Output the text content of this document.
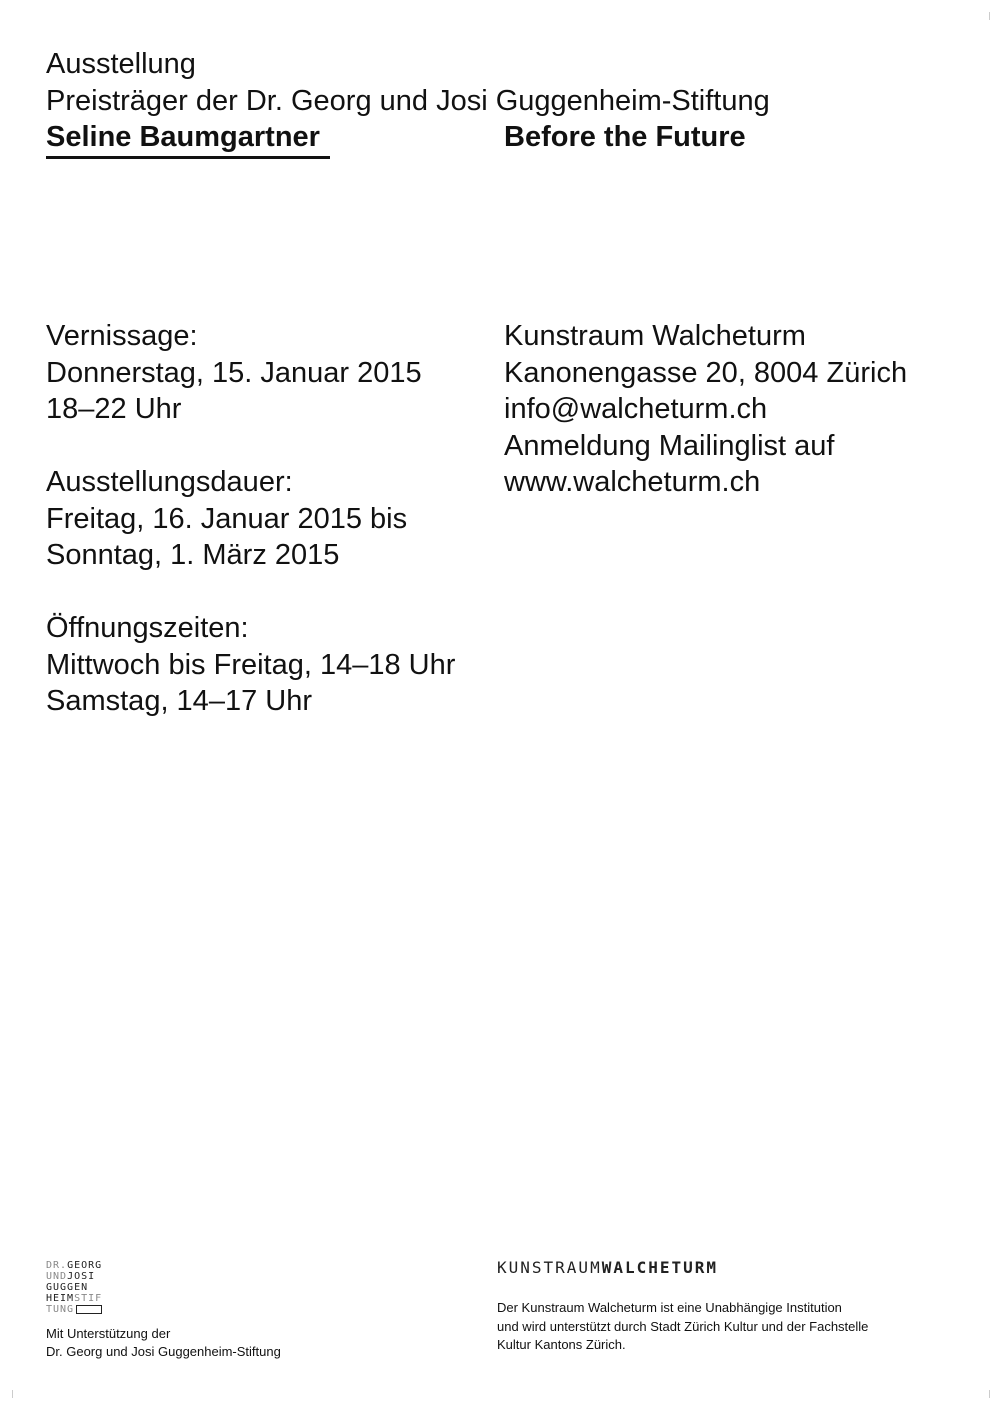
Ausstellung
Preisträger der Dr. Georg und Josi Guggenheim-Stiftung
Seline Baumgartner	Before the Future
Vernissage:
Donnerstag, 15. Januar 2015
18–22 Uhr
Ausstellungsdauer:
Freitag, 16. Januar 2015 bis
Sonntag, 1. März 2015
Öffnungszeiten:
Mittwoch bis Freitag, 14–18 Uhr
Samstag, 14–17 Uhr
Kunstraum Walcheturm
Kanonengasse 20, 8004 Zürich
info@walcheturm.ch
Anmeldung Mailinglist auf
www.walcheturm.ch
DR.GEORG
UNDJOSI
GUGGEN
HEIMSTIF
TUNG
Mit Unterstützung der
Dr. Georg und Josi Guggenheim-Stiftung
KUNSTRAUMWALCHETURM
Der Kunstraum Walcheturm ist eine Unabhängige Institution
und wird unterstützt durch Stadt Zürich Kultur und der Fachstelle
Kultur Kantons Zürich.
